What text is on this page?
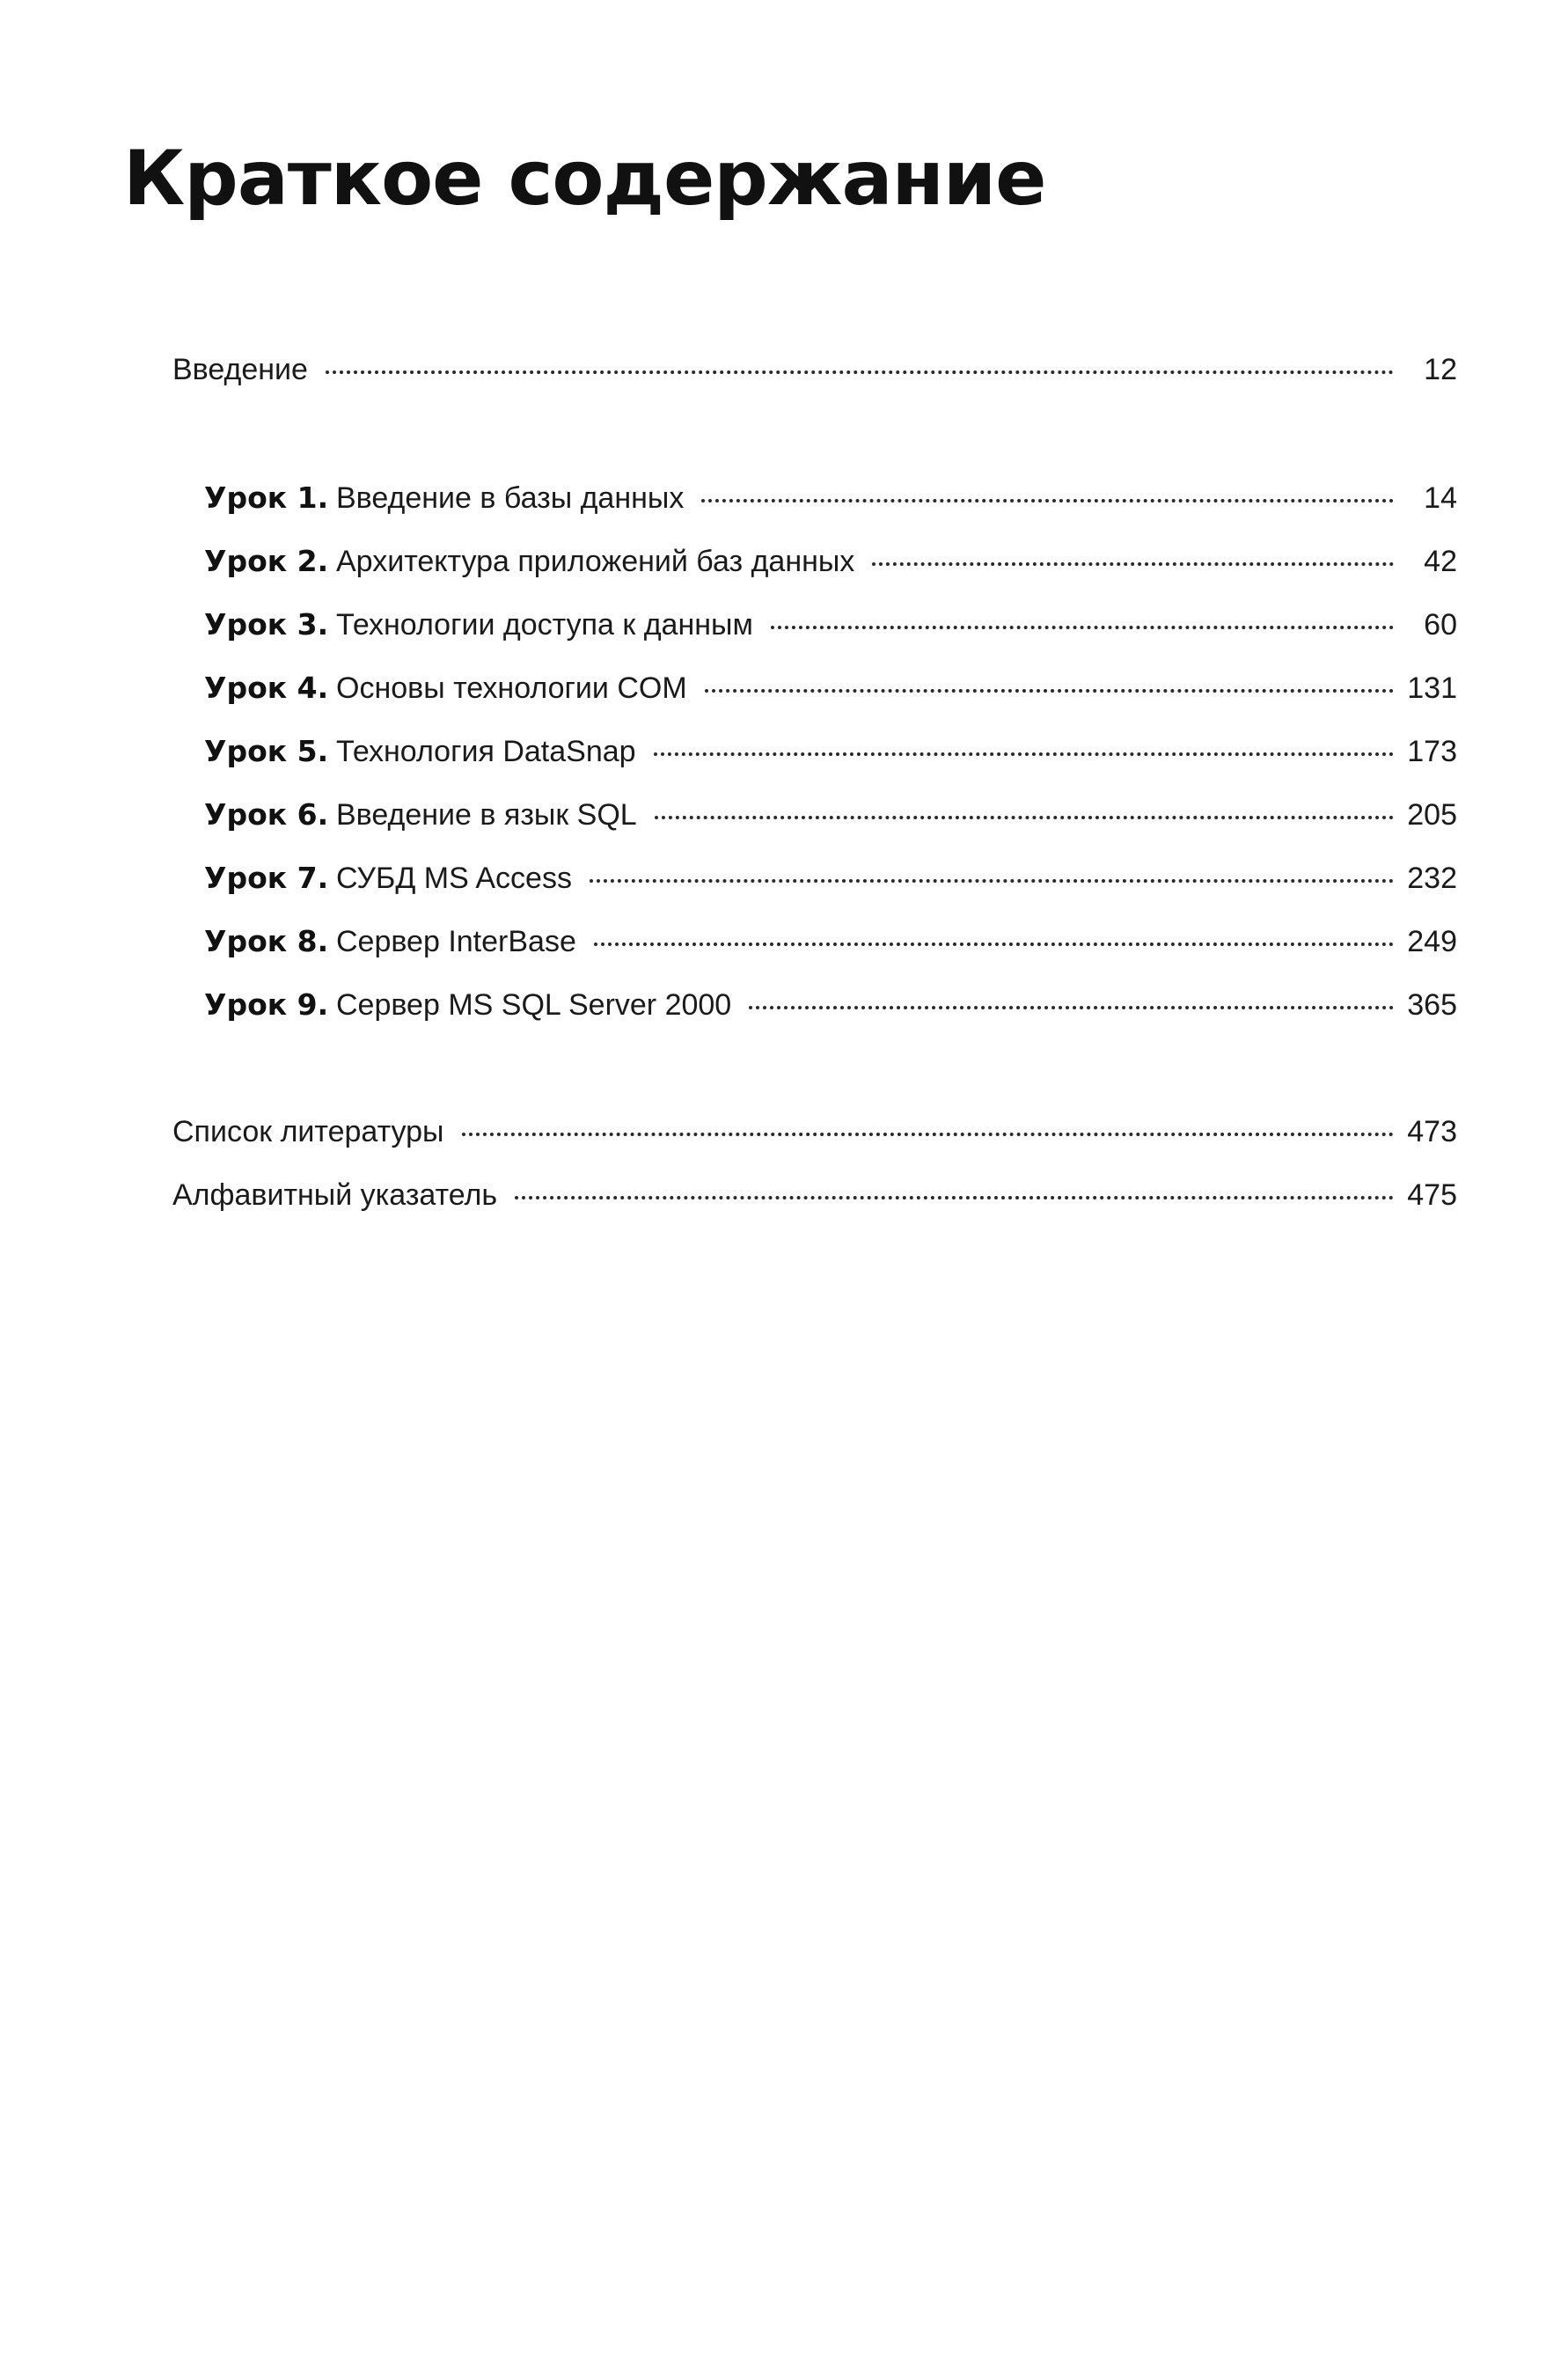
Краткое содержание
Введение	12
Урок 1. Введение в базы данных	14
Урок 2. Архитектура приложений баз данных	42
Урок 3. Технологии доступа к данным	60
Урок 4. Основы технологии COM	131
Урок 5. Технология DataSnap	173
Урок 6. Введение в язык SQL	205
Урок 7. СУБД MS Access	232
Урок 8. Сервер InterBase	249
Урок 9. Сервер MS SQL Server 2000	365
Список литературы	473
Алфавитный указатель	475
